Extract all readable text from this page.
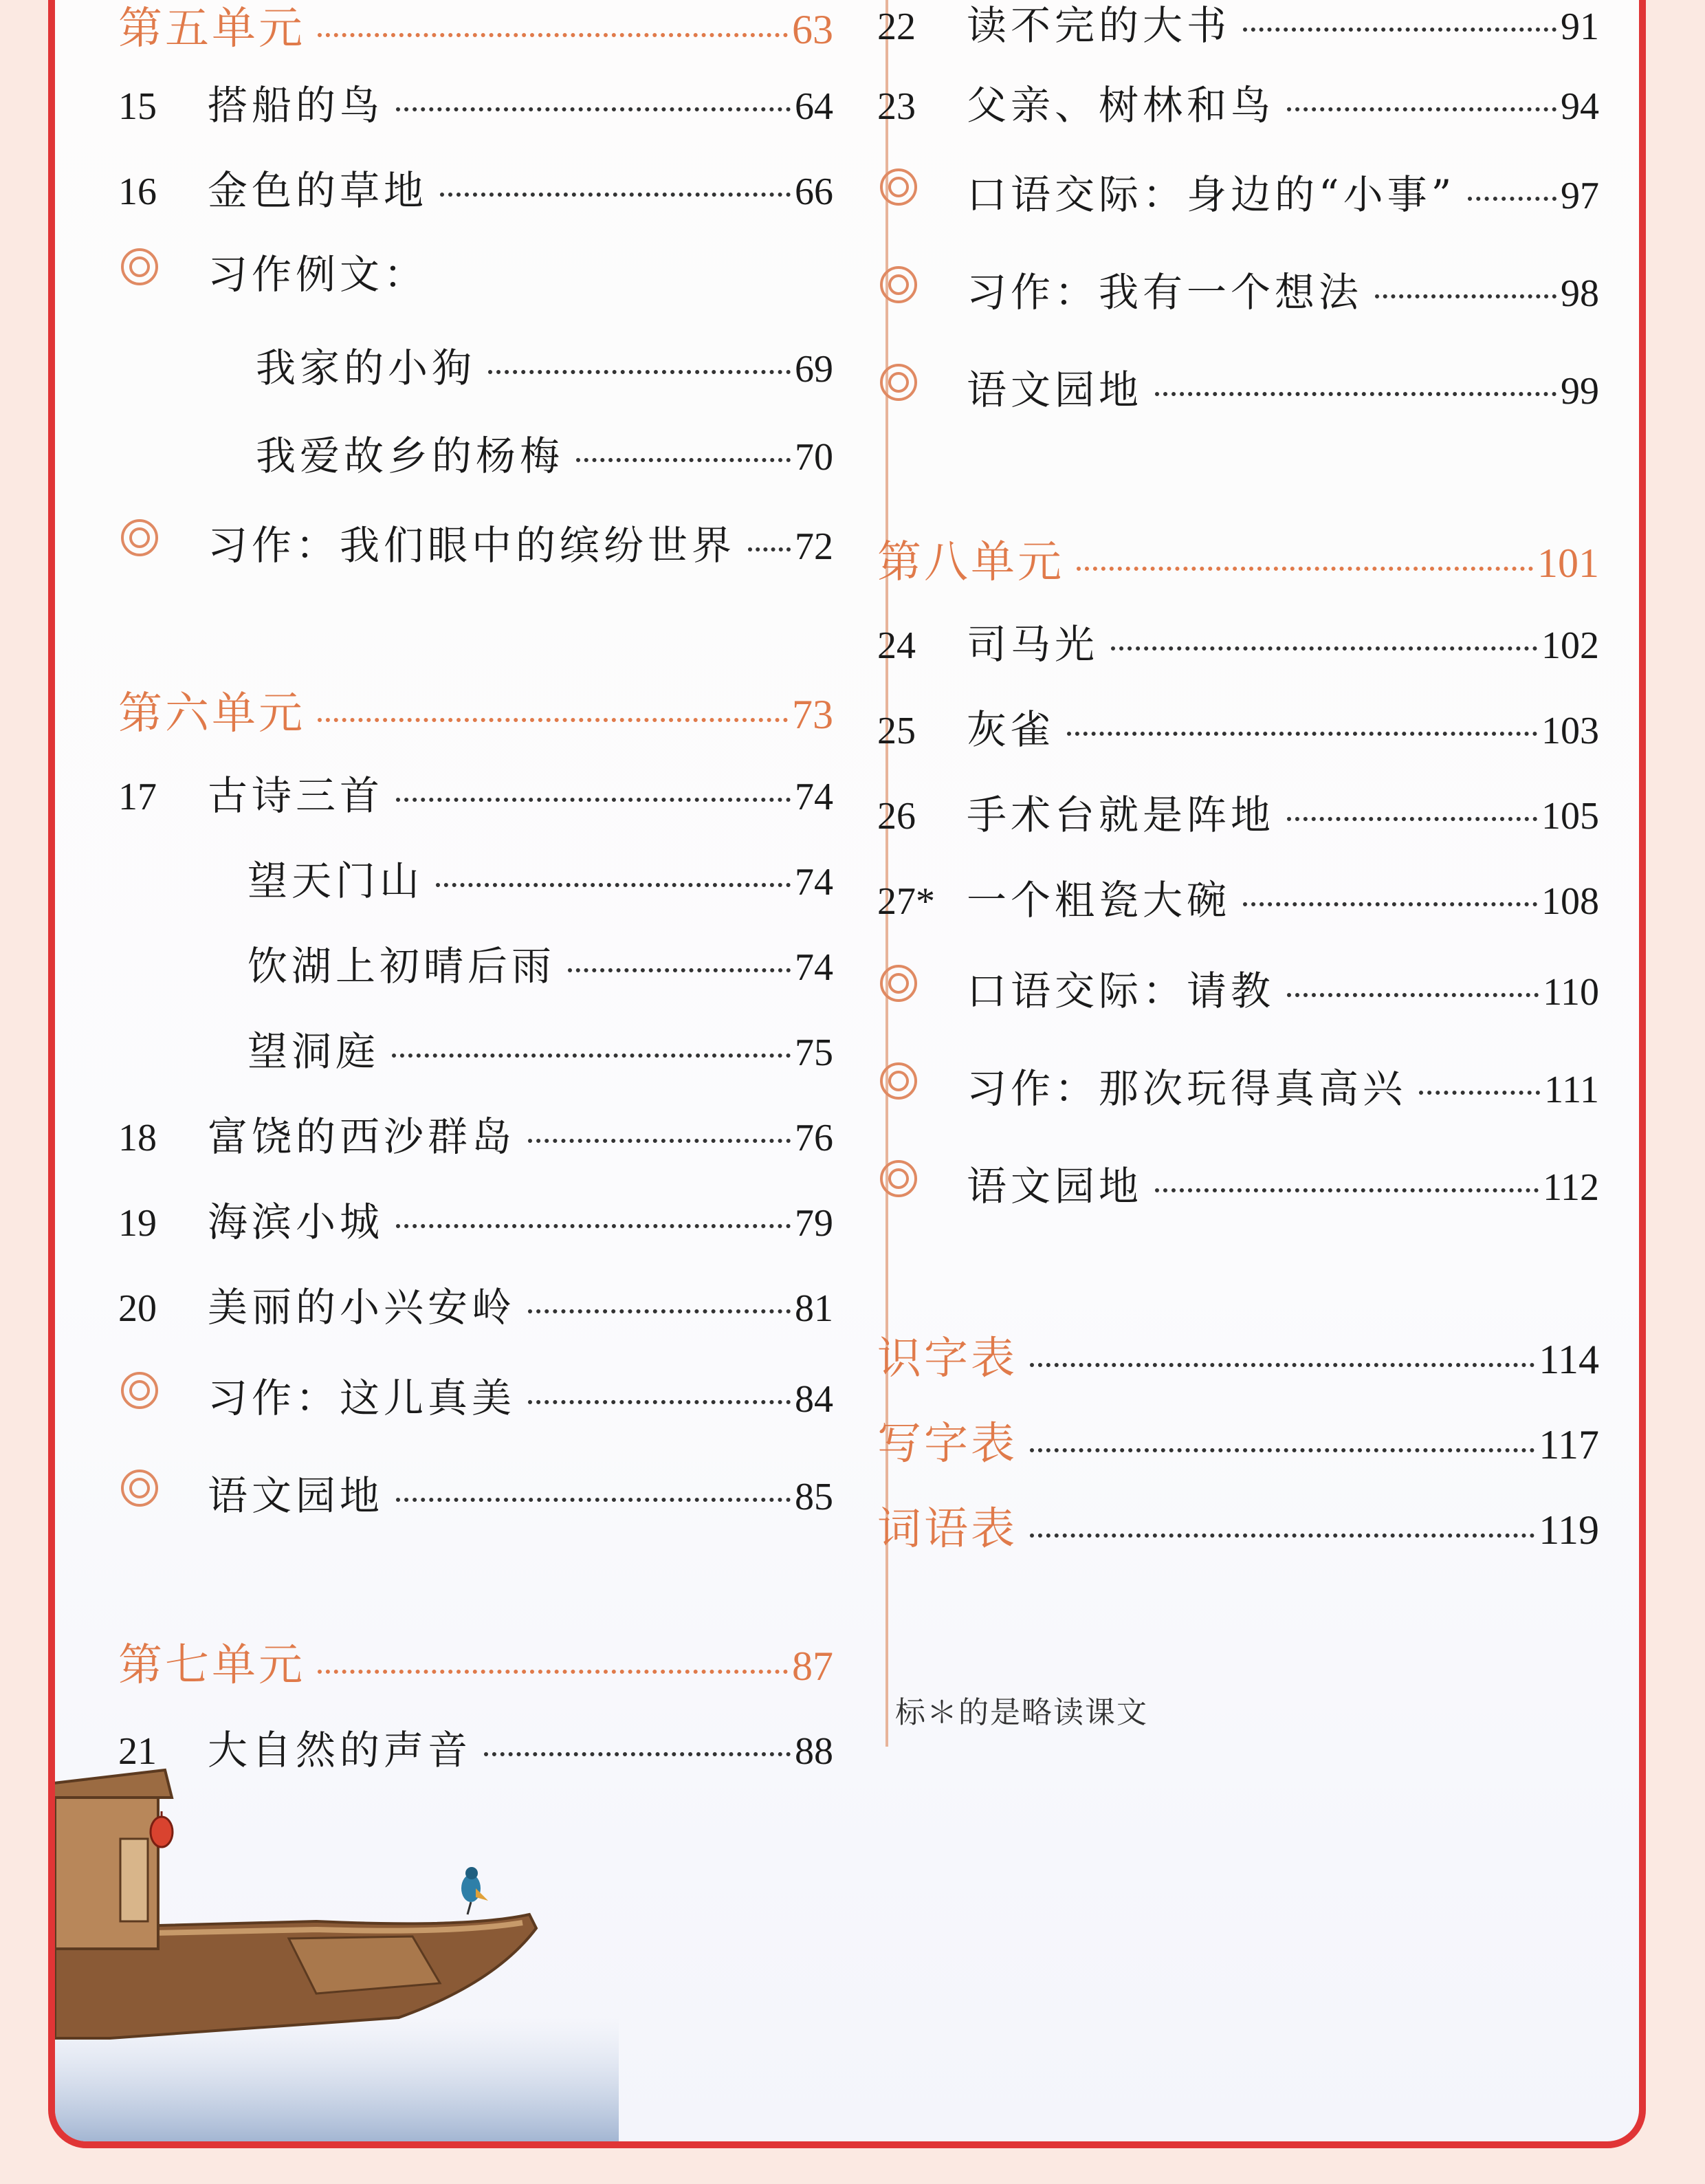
第五单元	63
15	搭船的鸟	64
16	金色的草地	66
习作例文：
我家的小狗	69
我爱故乡的杨梅	70
习作：我们眼中的缤纷世界 72
第六单元	73
17	古诗三首	74
望天门山	74
饮湖上初晴后雨	74
望洞庭	75
18	富饶的西沙群岛	76
19	海滨小城	79
20	美丽的小兴安岭	81
习作：这儿真美	84
语文园地	85
第七单元	87
21	大自然的声音	88
22	读不完的大书	91
23	父亲、树林和鸟	94
口语交际：身边的“小事”	97
习作：我有一个想法	98
语文园地	99
第八单元	101
24	司马光	102
25	灰雀	103
26	手术台就是阵地	105
27* 一个粗瓷大碗	108
口语交际：请教	110
习作：那次玩得真高兴	111
语文园地	112
识字表	114
写字表	117
词语表	119
标＊的是略读课文
